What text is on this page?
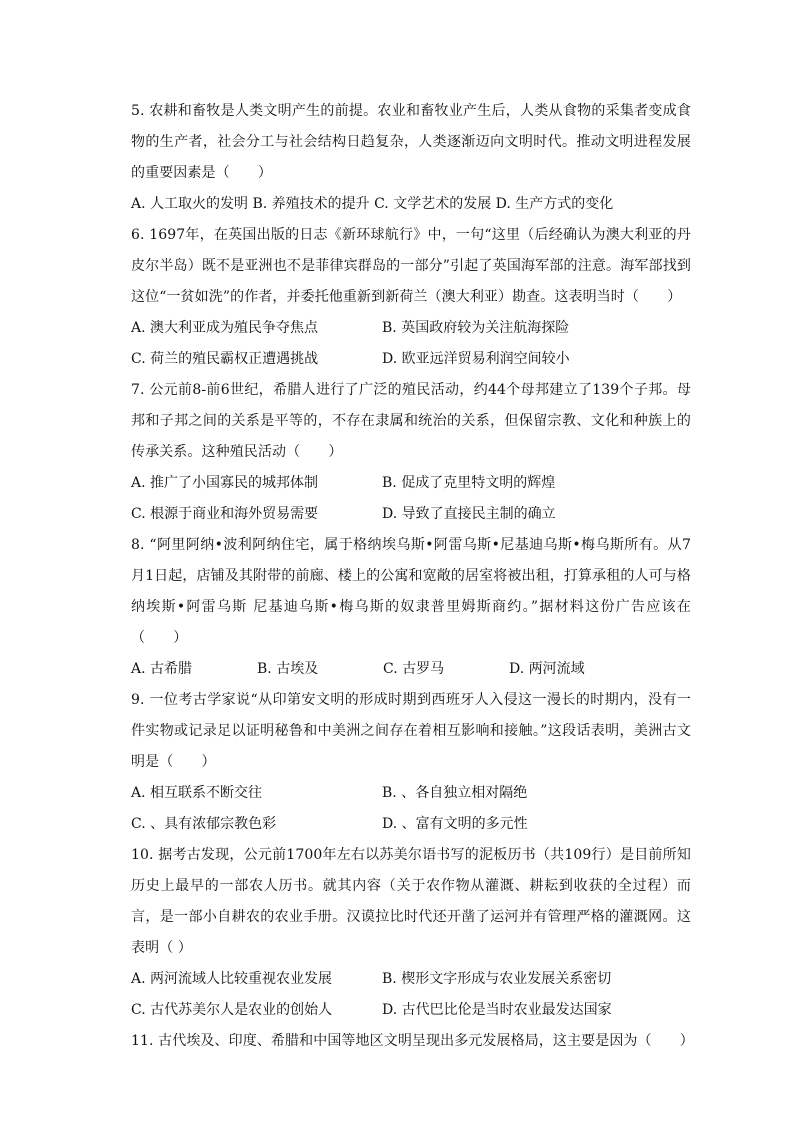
5. 农耕和畜牧是人类文明产生的前提。农业和畜牧业产生后，人类从食物的采集者变成食物的生产者，社会分工与社会结构日趋复杂，人类逐渐迈向文明时代。推动文明进程发展的重要因素是（　　）

A. 人工取火的发明 B. 养殖技术的提升 C. 文学艺术的发展 D. 生产方式的变化

6. 1697年，在英国出版的日志《新环球航行》中，一句“这里（后经确认为澳大利亚的丹皮尔半岛）既不是亚洲也不是菲律宾群岛的一部分”引起了英国海军部的注意。海军部找到这位“一贫如洗”的作者，并委托他重新到新荷兰（澳大利亚）勘查。这表明当时（　　）

A. 澳大利亚成为殖民争夺焦点	B. 英国政府较为关注航海探险
C. 荷兰的殖民霸权正遭遇挑战	D. 欧亚远洋贸易利润空间较小

7. 公元前8-前6世纪，希腊人进行了广泛的殖民活动，约44个母邦建立了139个子邦。母邦和子邦之间的关系是平等的，不存在隶属和统治的关系，但保留宗教、文化和种族上的传承关系。这种殖民活动（　　）

A. 推广了小国寡民的城邦体制	B. 促成了克里特文明的辉煌
C. 根源于商业和海外贸易需要	D. 导致了直接民主制的确立

8. “阿里阿纳•波利阿纳住宅，属于格纳埃乌斯•阿雷乌斯•尼基迪乌斯•梅乌斯所有。从7月1日起，店铺及其附带的前廊、楼上的公寓和宽敞的居室将被出租，打算承租的人可与格纳埃斯•阿雷乌斯 尼基迪乌斯•梅乌斯的奴隶普里姆斯商约。”据材料这份广告应该在（　　）

A. 古希腊	B. 古埃及	C. 古罗马	D. 两河流域

9. 一位考古学家说“从印第安文明的形成时期到西班牙人入侵这一漫长的时期内，没有一件实物或记录足以证明秘鲁和中美洲之间存在着相互影响和接触。”这段话表明，美洲古文明是（　　）

A. 相互联系不断交往	B. 、各自独立相对隔绝
C. 、具有浓郁宗教色彩	D. 、富有文明的多元性

10. 据考古发现，公元前1700年左右以苏美尔语书写的泥板历书（共109行）是目前所知历史上最早的一部农人历书。就其内容（关于农作物从灌溉、耕耘到收获的全过程）而言，是一部小自耕农的农业手册。汉谟拉比时代还开凿了运河并有管理严格的灌溉网。这表明（ ）

A. 两河流域人比较重视农业发展	B. 楔形文字形成与农业发展关系密切
C. 古代苏美尔人是农业的创始人	D. 古代巴比伦是当时农业最发达国家

11. 古代埃及、印度、希腊和中国等地区文明呈现出多元发展格局，这主要是因为（　　）
